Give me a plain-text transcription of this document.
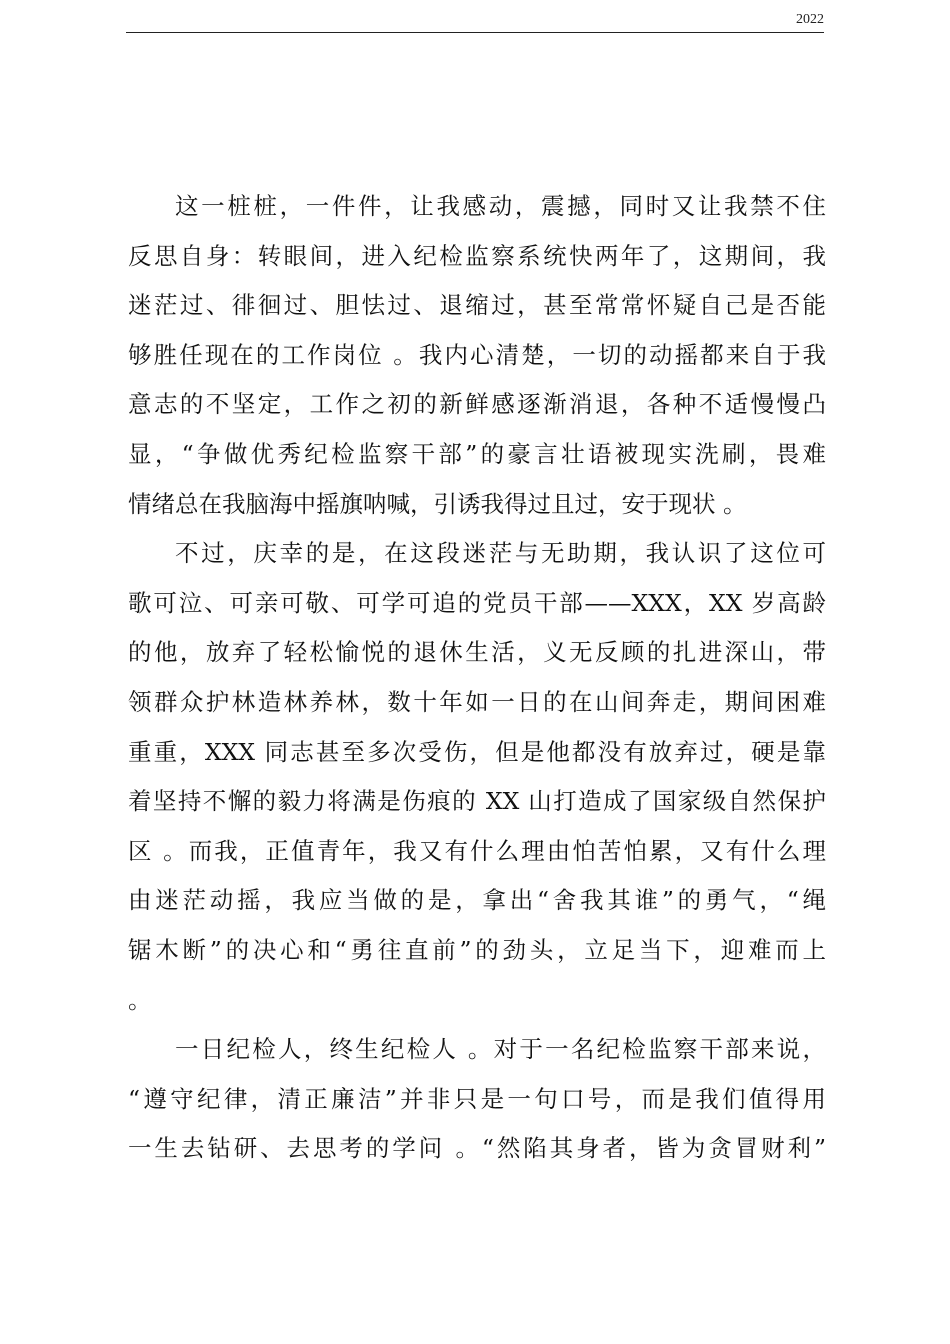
2022
这一桩桩，一件件，让我感动，震撼，同时又让我禁不住
反思自身：转眼间，进入纪检监察系统快两年了，这期间，我
迷茫过、徘徊过、胆怯过、退缩过，甚至常常怀疑自己是否能
够胜任现在的工作岗位 。我内心清楚，一切的动摇都来自于我
意志的不坚定，工作之初的新鲜感逐渐消退，各种不适慢慢凸
显，“争做优秀纪检监察干部”的豪言壮语被现实洗刷，畏难
情绪总在我脑海中摇旗呐喊，引诱我得过且过，安于现状 。
不过，庆幸的是，在这段迷茫与无助期，我认识了这位可
歌可泣、可亲可敬、可学可追的党员干部——XXX，XX 岁高龄
的他，放弃了轻松愉悦的退休生活，义无反顾的扎进深山，带
领群众护林造林养林，数十年如一日的在山间奔走，期间困难
重重，XXX 同志甚至多次受伤，但是他都没有放弃过，硬是靠
着坚持不懈的毅力将满是伤痕的 XX 山打造成了国家级自然保护
区 。而我，正值青年，我又有什么理由怕苦怕累，又有什么理
由迷茫动摇，我应当做的是，拿出“舍我其谁”的勇气，“绳
锯木断”的决心和“勇往直前”的劲头，立足当下，迎难而上
。
一日纪检人，终生纪检人 。对于一名纪检监察干部来说，
“遵守纪律，清正廉洁”并非只是一句口号，而是我们值得用
一生去钻研、去思考的学问 。“然陷其身者，皆为贪冒财利”
